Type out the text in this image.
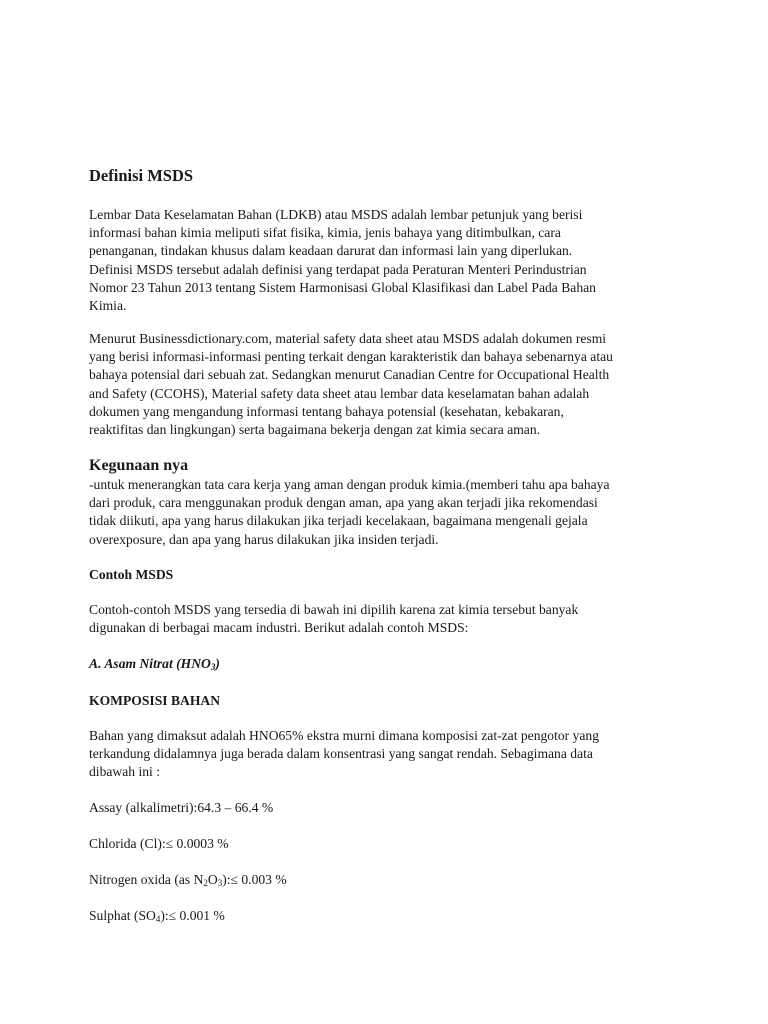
Definisi MSDS
Lembar Data Keselamatan Bahan (LDKB) atau MSDS adalah lembar petunjuk yang berisi
informasi bahan kimia meliputi sifat fisika, kimia, jenis bahaya yang ditimbulkan, cara
penanganan, tindakan khusus dalam keadaan darurat dan informasi lain yang diperlukan.
Definisi MSDS tersebut adalah definisi yang terdapat pada Peraturan Menteri Perindustrian
Nomor 23 Tahun 2013 tentang Sistem Harmonisasi Global Klasifikasi dan Label Pada Bahan
Kimia.
Menurut Businessdictionary.com, material safety data sheet atau MSDS adalah dokumen resmi
yang berisi informasi-informasi penting terkait dengan karakteristik dan bahaya sebenarnya atau
bahaya potensial dari sebuah zat. Sedangkan menurut Canadian Centre for Occupational Health
and Safety (CCOHS), Material safety data sheet atau lembar data keselamatan bahan adalah
dokumen yang mengandung informasi tentang bahaya potensial (kesehatan, kebakaran,
reaktifitas dan lingkungan) serta bagaimana bekerja dengan zat kimia secara aman.
Kegunaan nya
-untuk menerangkan tata cara kerja yang aman dengan produk kimia.(memberi tahu apa bahaya
dari produk, cara menggunakan produk dengan aman, apa yang akan terjadi jika rekomendasi
tidak diikuti, apa yang harus dilakukan jika terjadi kecelakaan, bagaimana mengenali gejala
overexposure, dan apa yang harus dilakukan jika insiden terjadi.
Contoh MSDS
Contoh-contoh MSDS yang tersedia di bawah ini dipilih karena zat kimia tersebut banyak
digunakan di berbagai macam industri. Berikut adalah contoh MSDS:
A. Asam Nitrat $(HNO_3)$
KOMPOSISI BAHAN
Bahan yang dimaksut adalah HNO65% ekstra murni dimana komposisi zat-zat pengotor yang
terkandung didalamnya juga berada dalam konsentrasi yang sangat rendah. Sebagimana data
dibawah ini :
Assay (alkalimetri):64.3 – 66.4 %
Chlorida (Cl):≤ 0.0003 %
Nitrogen oxida (as $N_2O_3):\le 0.003$ %
Sulphat $(SO_4):\le 0.001$ %
